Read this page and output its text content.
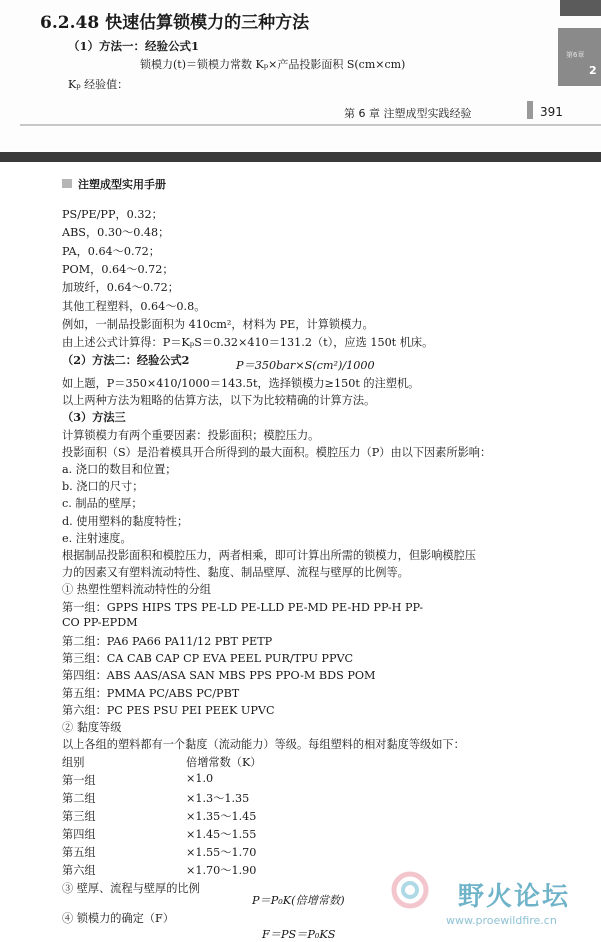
第6章
2
6.2.48 快速估算锁模力的三种方法
（1）方法一：经验公式1
锁模力(t)＝锁模力常数 Kₚ×产品投影面积 S(cm×cm)
Kₚ 经验值：
第 6 章 注塑成型实践经验	391
注塑成型实用手册
P＝350bar×S(cm²)/1000
组别	倍增常数（K）
③ 壁厚、流程与壁厚的比例
P＝P₀K(倍增常数)
④ 锁模力的确定（F）
F＝PS＝P₀KS
野火论坛
www.proewildfire.cn
PS/PE/PP，0.32；
ABS，0.30～0.48；
PA，0.64～0.72；
POM，0.64～0.72；
加玻纤，0.64～0.72；
其他工程塑料，0.64～0.8。
例如，一制品投影面积为 410cm²，材料为 PE，计算锁模力。
由上述公式计算得：P＝KₚS＝0.32×410＝131.2（t），应选 150t 机床。
（2）方法二：经验公式2
如上题，P＝350×410/1000＝143.5t，选择锁模力≥150t 的注塑机。
以上两种方法为粗略的估算方法，以下为比较精确的计算方法。
（3）方法三
计算锁模力有两个重要因素：投影面积；模腔压力。
投影面积（S）是沿着模具开合所得到的最大面积。模腔压力（P）由以下因素所影响：
a. 浇口的数目和位置；
b. 浇口的尺寸；
c. 制品的壁厚；
d. 使用塑料的黏度特性；
e. 注射速度。
根据制品投影面积和模腔压力，两者相乘，即可计算出所需的锁模力，但影响模腔压
力的因素又有塑料流动特性、黏度、制品壁厚、流程与壁厚的比例等。
① 热塑性塑料流动特性的分组
第一组：GPPS HIPS TPS PE-LD PE-LLD PE-MD PE-HD PP-H PP-
CO PP-EPDM
第二组：PA6 PA66 PA11/12 PBT PETP
第三组：CA CAB CAP CP EVA PEEL PUR/TPU PPVC
第四组：ABS AAS/ASA SAN MBS PPS PPO-M BDS POM
第五组：PMMA PC/ABS PC/PBT
第六组：PC PES PSU PEI PEEK UPVC
② 黏度等级
以上各组的塑料都有一个黏度（流动能力）等级。每组塑料的相对黏度等级如下：
第一组	×1.0
第二组	×1.3～1.35
第三组	×1.35～1.45
第四组	×1.45～1.55
第五组	×1.55～1.70
第六组	×1.70～1.90
